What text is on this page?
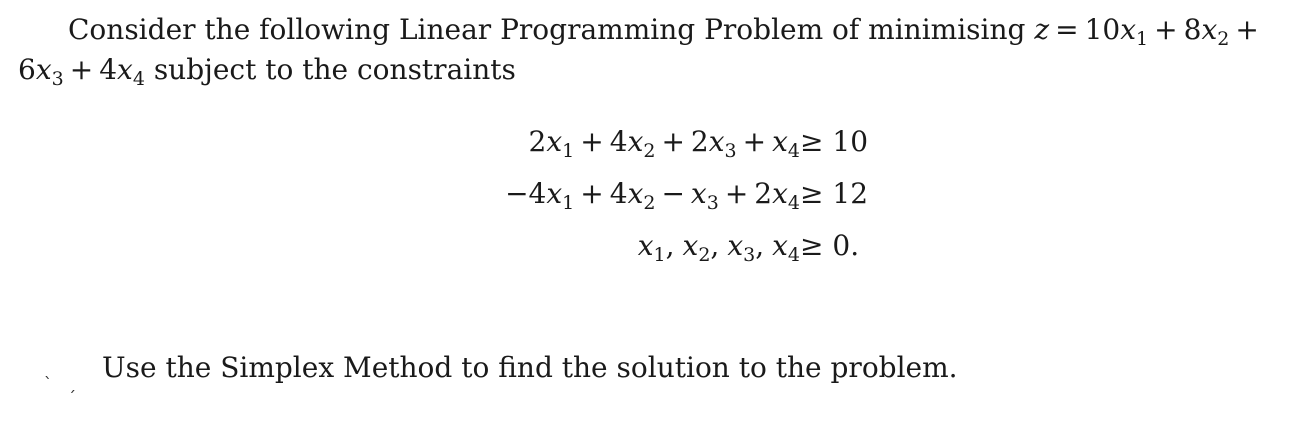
Consider the following Linear Programming Problem of minimising $z = 10x_1 + 8x_2$ +
$6x_3 + 4x_4$ subject to the constraints
$2x_1 + 4x_2 + 2x_3 + x_4 \ge 10$
$-4x_1 + 4x_2 - x_3 + 2x_4 \ge 12$
$x_1$, $x_2$, $x_3$, $x_4 \ge 0$.
ˋ ˏ Use the Simplex Method to find the solution to the problem.
